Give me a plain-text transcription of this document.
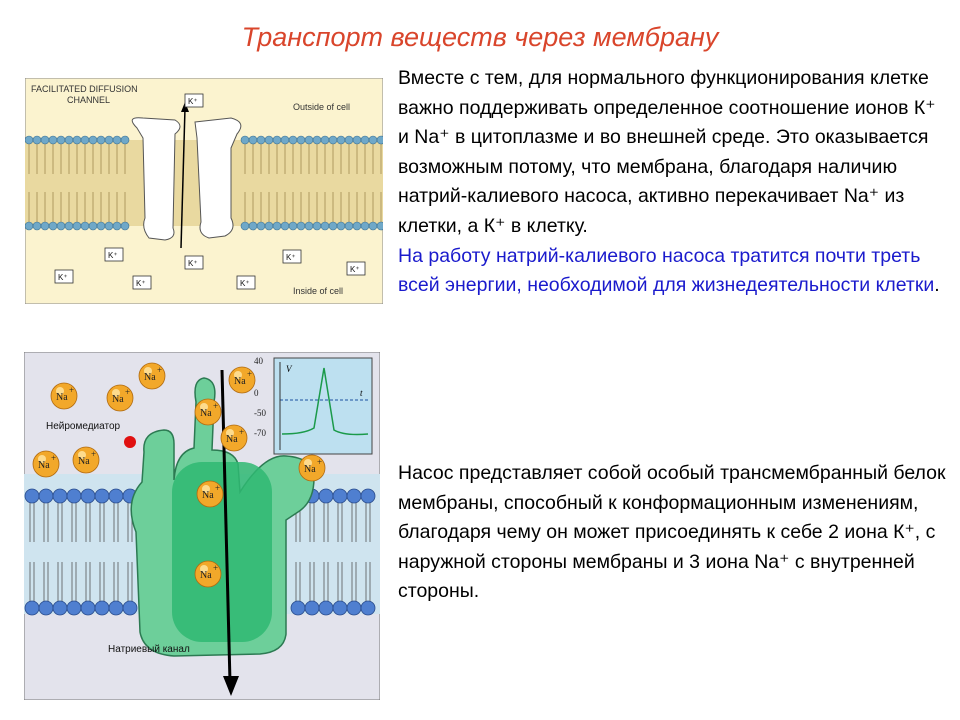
Транспорт веществ через мембрану
FACILITATED DIFFUSION
CHANNEL
Outside of cell
Inside of cell
K⁺
K⁺
K⁺
K⁺
K⁺
K⁺
K⁺
K⁺
V
t
40
0
-50
-70
Нейромедиатор
Натриевый канал
Na
+
Na
+
Na
+
Na
+
Na
+
Na
+
Na
+ Na
+
Na
+
Na
+
Na
+
Вместе с тем, для нормального функционирования клетке важно поддерживать определенное соотношение ионов К⁺ и Na⁺ в цитоплазме и во внешней среде. Это оказывается возможным потому, что мембрана, благодаря наличию натрий-калиевого насоса, активно перекачивает Na⁺ из клетки, а К⁺ в клетку.
На работу натрий-калиевого насоса тратится почти треть всей энергии, необходимой для жизнедеятельности клетки.
Насос представляет собой особый трансмембранный белок мембраны, способный к конформационным изменениям, благодаря чему он может присоединять к себе 2 иона К⁺, с наружной стороны мембраны и 3 иона Na⁺ с внутренней стороны.
